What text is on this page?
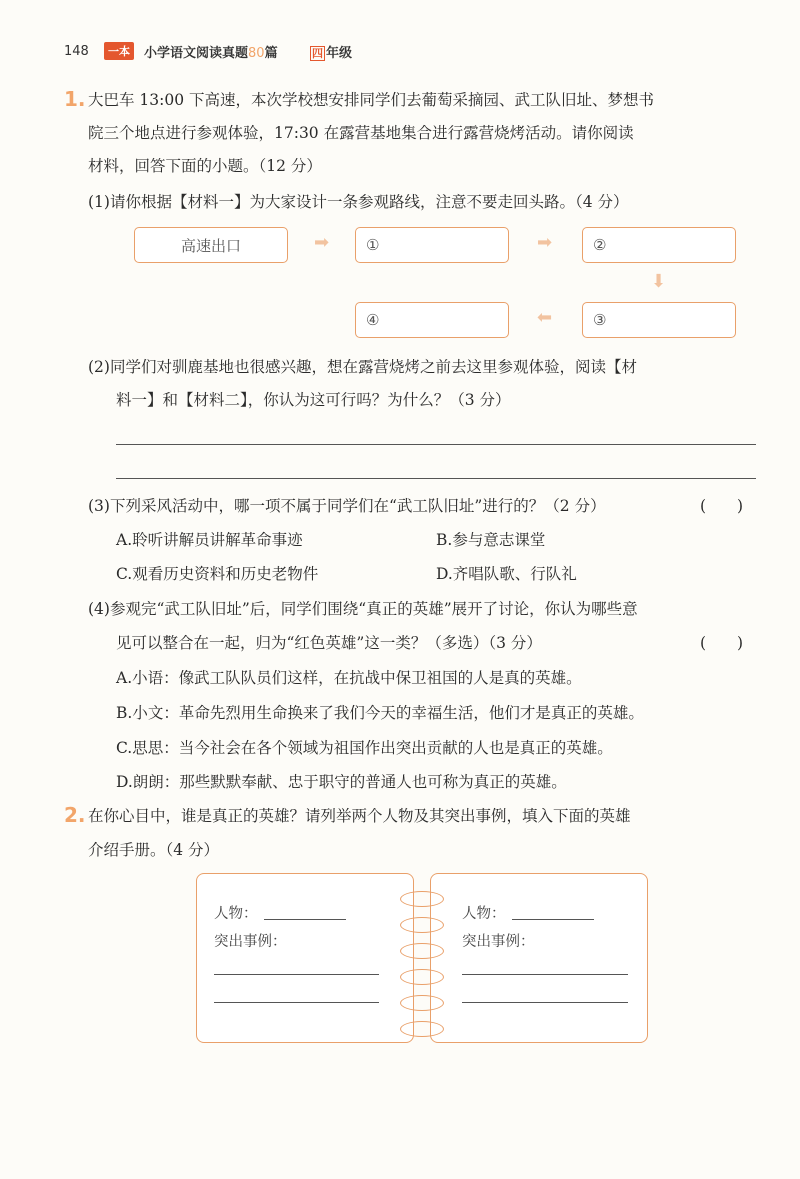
148	一本	小学语文阅读真题80篇	四 年级
1. 大巴车 13:00 下高速，本次学校想安排同学们去葡萄采摘园、武工队旧址、梦想书
院三个地点进行参观体验，17:30 在露营基地集合进行露营烧烤活动。请你阅读
材料，回答下面的小题。（12 分）
(1)请你根据【材料一】为大家设计一条参观路线，注意不要走回头路。（4 分）
高速出口	➡ ①	➡	②
⬇
③
⬅
④
(2)同学们对驯鹿基地也很感兴趣，想在露营烧烤之前去这里参观体验，阅读【材
料一】和【材料二】，你认为这可行吗？为什么？（3 分）
(3)下列采风活动中，哪一项不属于同学们在“武工队旧址”进行的？（2 分）	(　　)
A.聆听讲解员讲解革命事迹	B.参与意志课堂
C.观看历史资料和历史老物件	D.齐唱队歌、行队礼
(4)参观完“武工队旧址”后，同学们围绕“真正的英雄”展开了讨论，你认为哪些意
见可以整合在一起，归为“红色英雄”这一类？（多选）（3 分）	(　　)
A.小语：像武工队队员们这样，在抗战中保卫祖国的人是真的英雄。
B.小文：革命先烈用生命换来了我们今天的幸福生活，他们才是真正的英雄。
C.思思：当今社会在各个领域为祖国作出突出贡献的人也是真正的英雄。
D.朗朗：那些默默奉献、忠于职守的普通人也可称为真正的英雄。
2. 在你心目中，谁是真正的英雄？请列举两个人物及其突出事例，填入下面的英雄
介绍手册。（4 分）
人物：
突出事例：
人物：
突出事例：
